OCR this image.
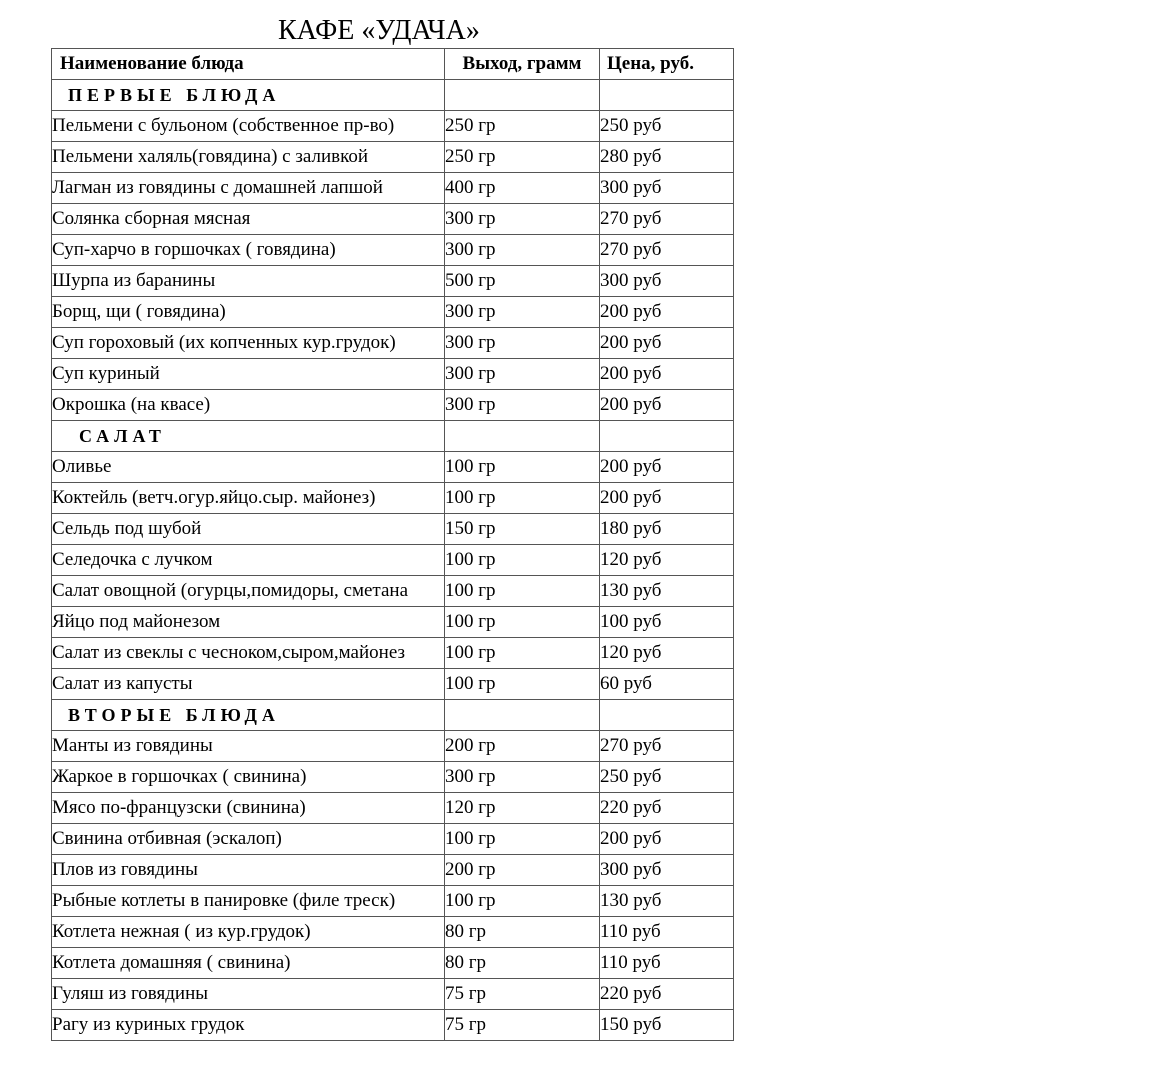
КАФЕ «УДАЧА»
Наименование блюда	Выход, грамм	Цена, руб.
ПЕРВЫЕ БЛЮДА		
Пельмени с бульоном (собственное пр-во)	250 гр	250 руб
Пельмени халяль(говядина) с заливкой	250 гр	280 руб
Лагман из говядины с домашней лапшой	400 гр	300 руб
Солянка сборная мясная	300 гр	270 руб
Суп-харчо в горшочках ( говядина)	300 гр	270 руб
Шурпа из баранины	500 гр	300 руб
Борщ, щи ( говядина)	300 гр	200 руб
Суп гороховый (их копченных кур.грудок)	300 гр	200 руб
Суп куриный	300 гр	200 руб
Окрошка (на квасе)	300 гр	200 руб
САЛАТ		
Оливье	100 гр	200 руб
Коктейль (ветч.огур.яйцо.сыр. майонез)	100 гр	200 руб
Сельдь под шубой	150 гр	180 руб
Селедочка с лучком	100 гр	120 руб
Салат овощной (огурцы,помидоры, сметана	100 гр	130 руб
Яйцо под майонезом	100 гр	100 руб
Салат из свеклы с чесноком,сыром,майонез	100 гр	120 руб
Салат из капусты	100 гр	60 руб
ВТОРЫЕ БЛЮДА		
Манты из говядины	200 гр	270 руб
Жаркое в горшочках ( свинина)	300 гр	250 руб
Мясо по-французски (свинина)	120 гр	220 руб
Свинина отбивная (эскалоп)	100 гр	200 руб
Плов из говядины	200 гр	300 руб
Рыбные котлеты в панировке (филе треск)	100 гр	130 руб
Котлета нежная ( из кур.грудок)	80 гр	110 руб
Котлета домашняя ( свинина)	80 гр	110 руб
Гуляш из говядины	75 гр	220 руб
Рагу из куриных грудок	75 гр	150 руб
